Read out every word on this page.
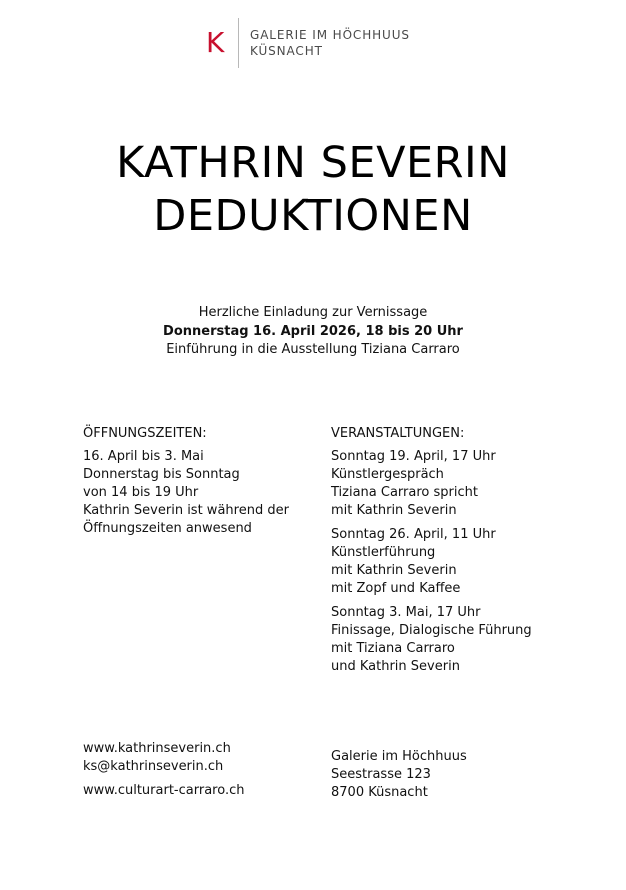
K	GALERIE IM HÖCHHUUS
KÜSNACHT
KATHRIN SEVERIN
DEDUKTIONEN
Herzliche Einladung zur Vernissage
Donnerstag 16. April 2026, 18 bis 20 Uhr
Einführung in die Ausstellung Tiziana Carraro
ÖFFNUNGSZEITEN:
16. April bis 3. Mai
Donnerstag bis Sonntag
von 14 bis 19 Uhr
Kathrin Severin ist während der
Öffnungszeiten anwesend
VERANSTALTUNGEN:
Sonntag 19. April, 17 Uhr
Künstlergespräch
Tiziana Carraro spricht
mit Kathrin Severin
Sonntag 26. April, 11 Uhr
Künstlerführung
mit Kathrin Severin
mit Zopf und Kaffee
Sonntag 3. Mai, 17 Uhr
Finissage, Dialogische Führung
mit Tiziana Carraro
und Kathrin Severin
www.kathrinseverin.ch
ks@kathrinseverin.ch
www.culturart-carraro.ch
Galerie im Höchhuus
Seestrasse 123
8700 Küsnacht
